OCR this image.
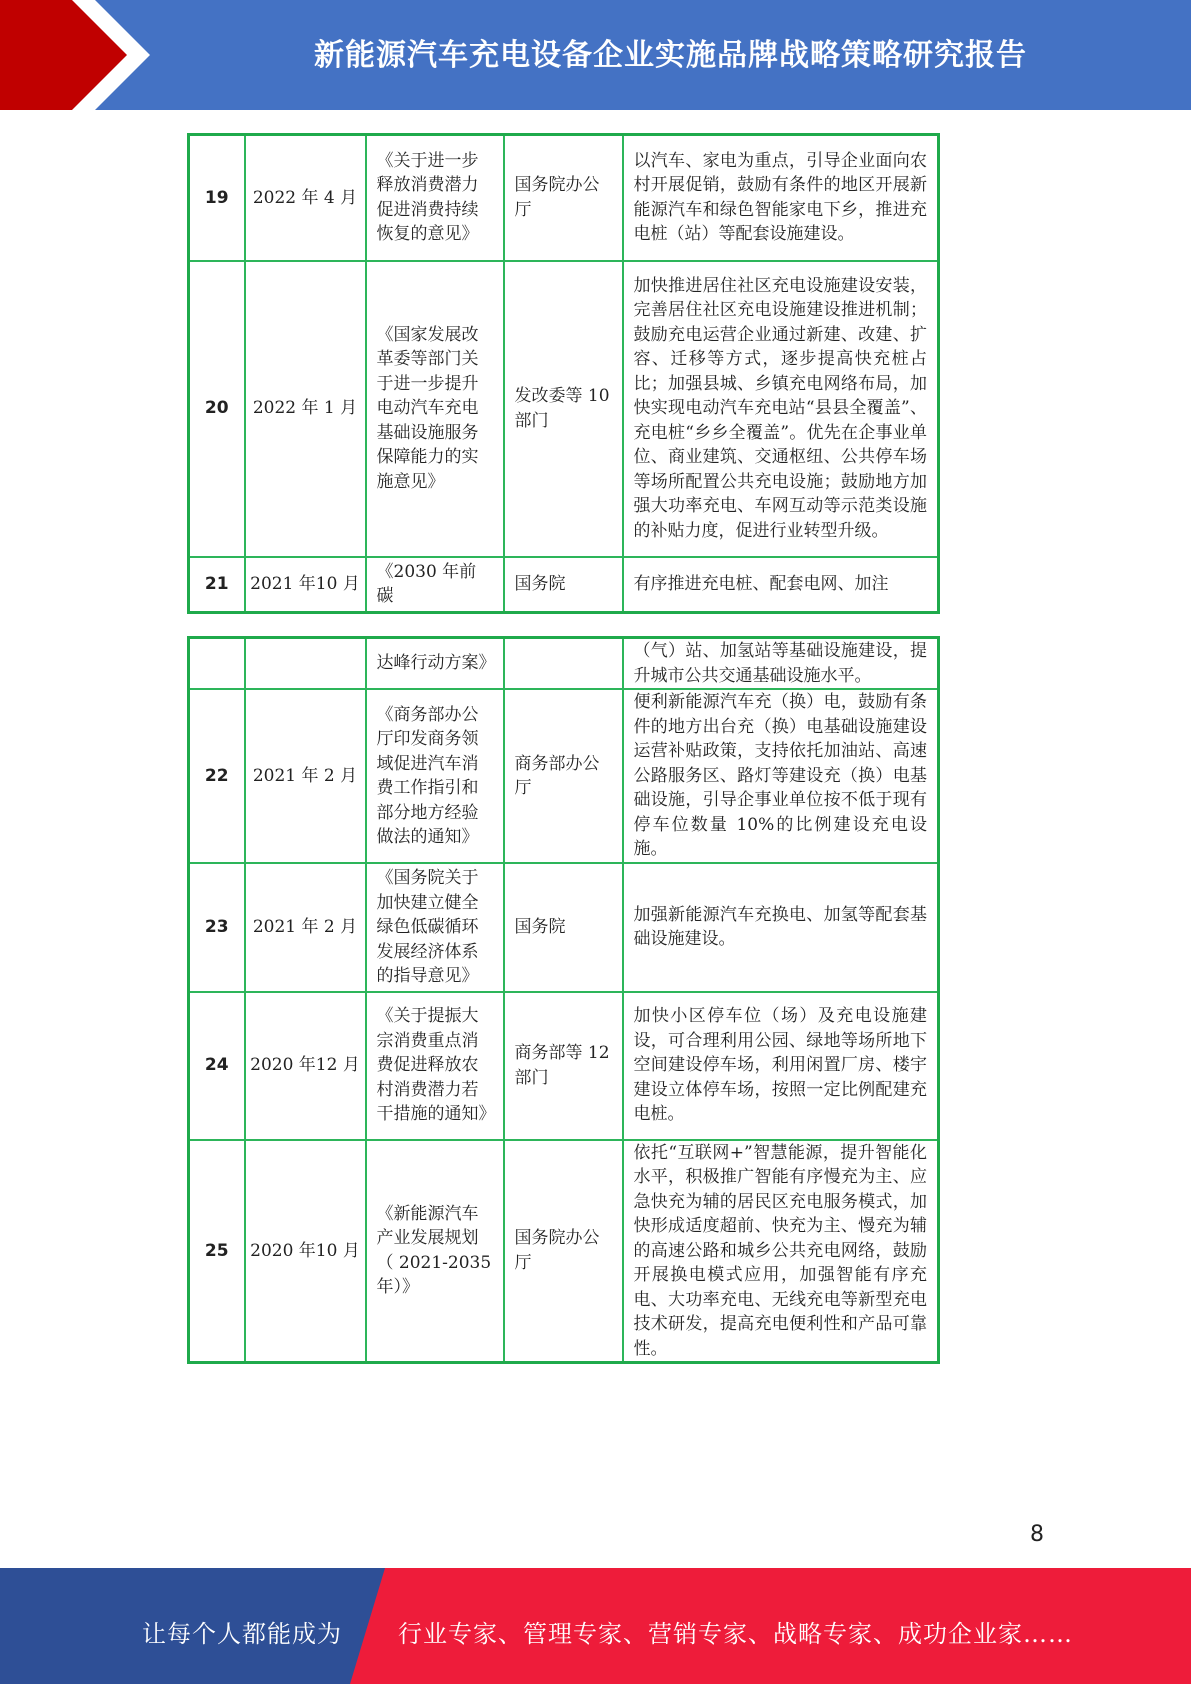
新能源汽车充电设备企业实施品牌战略策略研究报告
19	2022 年 4 月	《关于进一步释放消费潜力促进消费持续恢复的意见》	国务院办公厅	以汽车、家电为重点，引导企业面向农村开展促销，鼓励有条件的地区开展新能源汽车和绿色智能家电下乡，推进充电桩（站）等配套设施建设。
20	2022 年 1 月	《国家发展改革委等部门关于进一步提升电动汽车充电基础设施服务保障能力的实施意见》	发改委等 10 部门	加快推进居住社区充电设施建设安装，完善居住社区充电设施建设推进机制；鼓励充电运营企业通过新建、改建、扩容、迁移等方式，逐步提高快充桩占比；加强县城、乡镇充电网络布局，加快实现电动汽车充电站“县县全覆盖”、充电桩“乡乡全覆盖”。优先在企事业单位、商业建筑、交通枢纽、公共停车场等场所配置公共充电设施；鼓励地方加强大功率充电、车网互动等示范类设施的补贴力度，促进行业转型升级。
21	2021 年10 月	《2030 年前碳	国务院	有序推进充电桩、配套电网、加注
		达峰行动方案》		（气）站、加氢站等基础设施建设，提升城市公共交通基础设施水平。
22	2021 年 2 月	《商务部办公厅印发商务领域促进汽车消费工作指引和部分地方经验做法的通知》	商务部办公厅	便利新能源汽车充（换）电，鼓励有条件的地方出台充（换）电基础设施建设运营补贴政策，支持依托加油站、高速公路服务区、路灯等建设充（换）电基础设施，引导企事业单位按不低于现有停车位数量 10%的比例建设充电设施。
23	2021 年 2 月	《国务院关于加快建立健全绿色低碳循环发展经济体系的指导意见》	国务院	加强新能源汽车充换电、加氢等配套基础设施建设。
24	2020 年12 月	《关于提振大宗消费重点消费促进释放农村消费潜力若干措施的通知》	商务部等 12 部门	加快小区停车位（场）及充电设施建设，可合理利用公园、绿地等场所地下空间建设停车场，利用闲置厂房、楼宇建设立体停车场，按照一定比例配建充电桩。
25	2020 年10 月	《新能源汽车产业发展规划（ 2021-2035 年）》	国务院办公厅	依托“互联网+”智慧能源，提升智能化水平，积极推广智能有序慢充为主、应急快充为辅的居民区充电服务模式，加快形成适度超前、快充为主、慢充为辅的高速公路和城乡公共充电网络，鼓励开展换电模式应用，加强智能有序充电、大功率充电、无线充电等新型充电技术研发，提高充电便利性和产品可靠性。
8
让每个人都能成为 行业专家、管理专家、营销专家、战略专家、成功企业家……
